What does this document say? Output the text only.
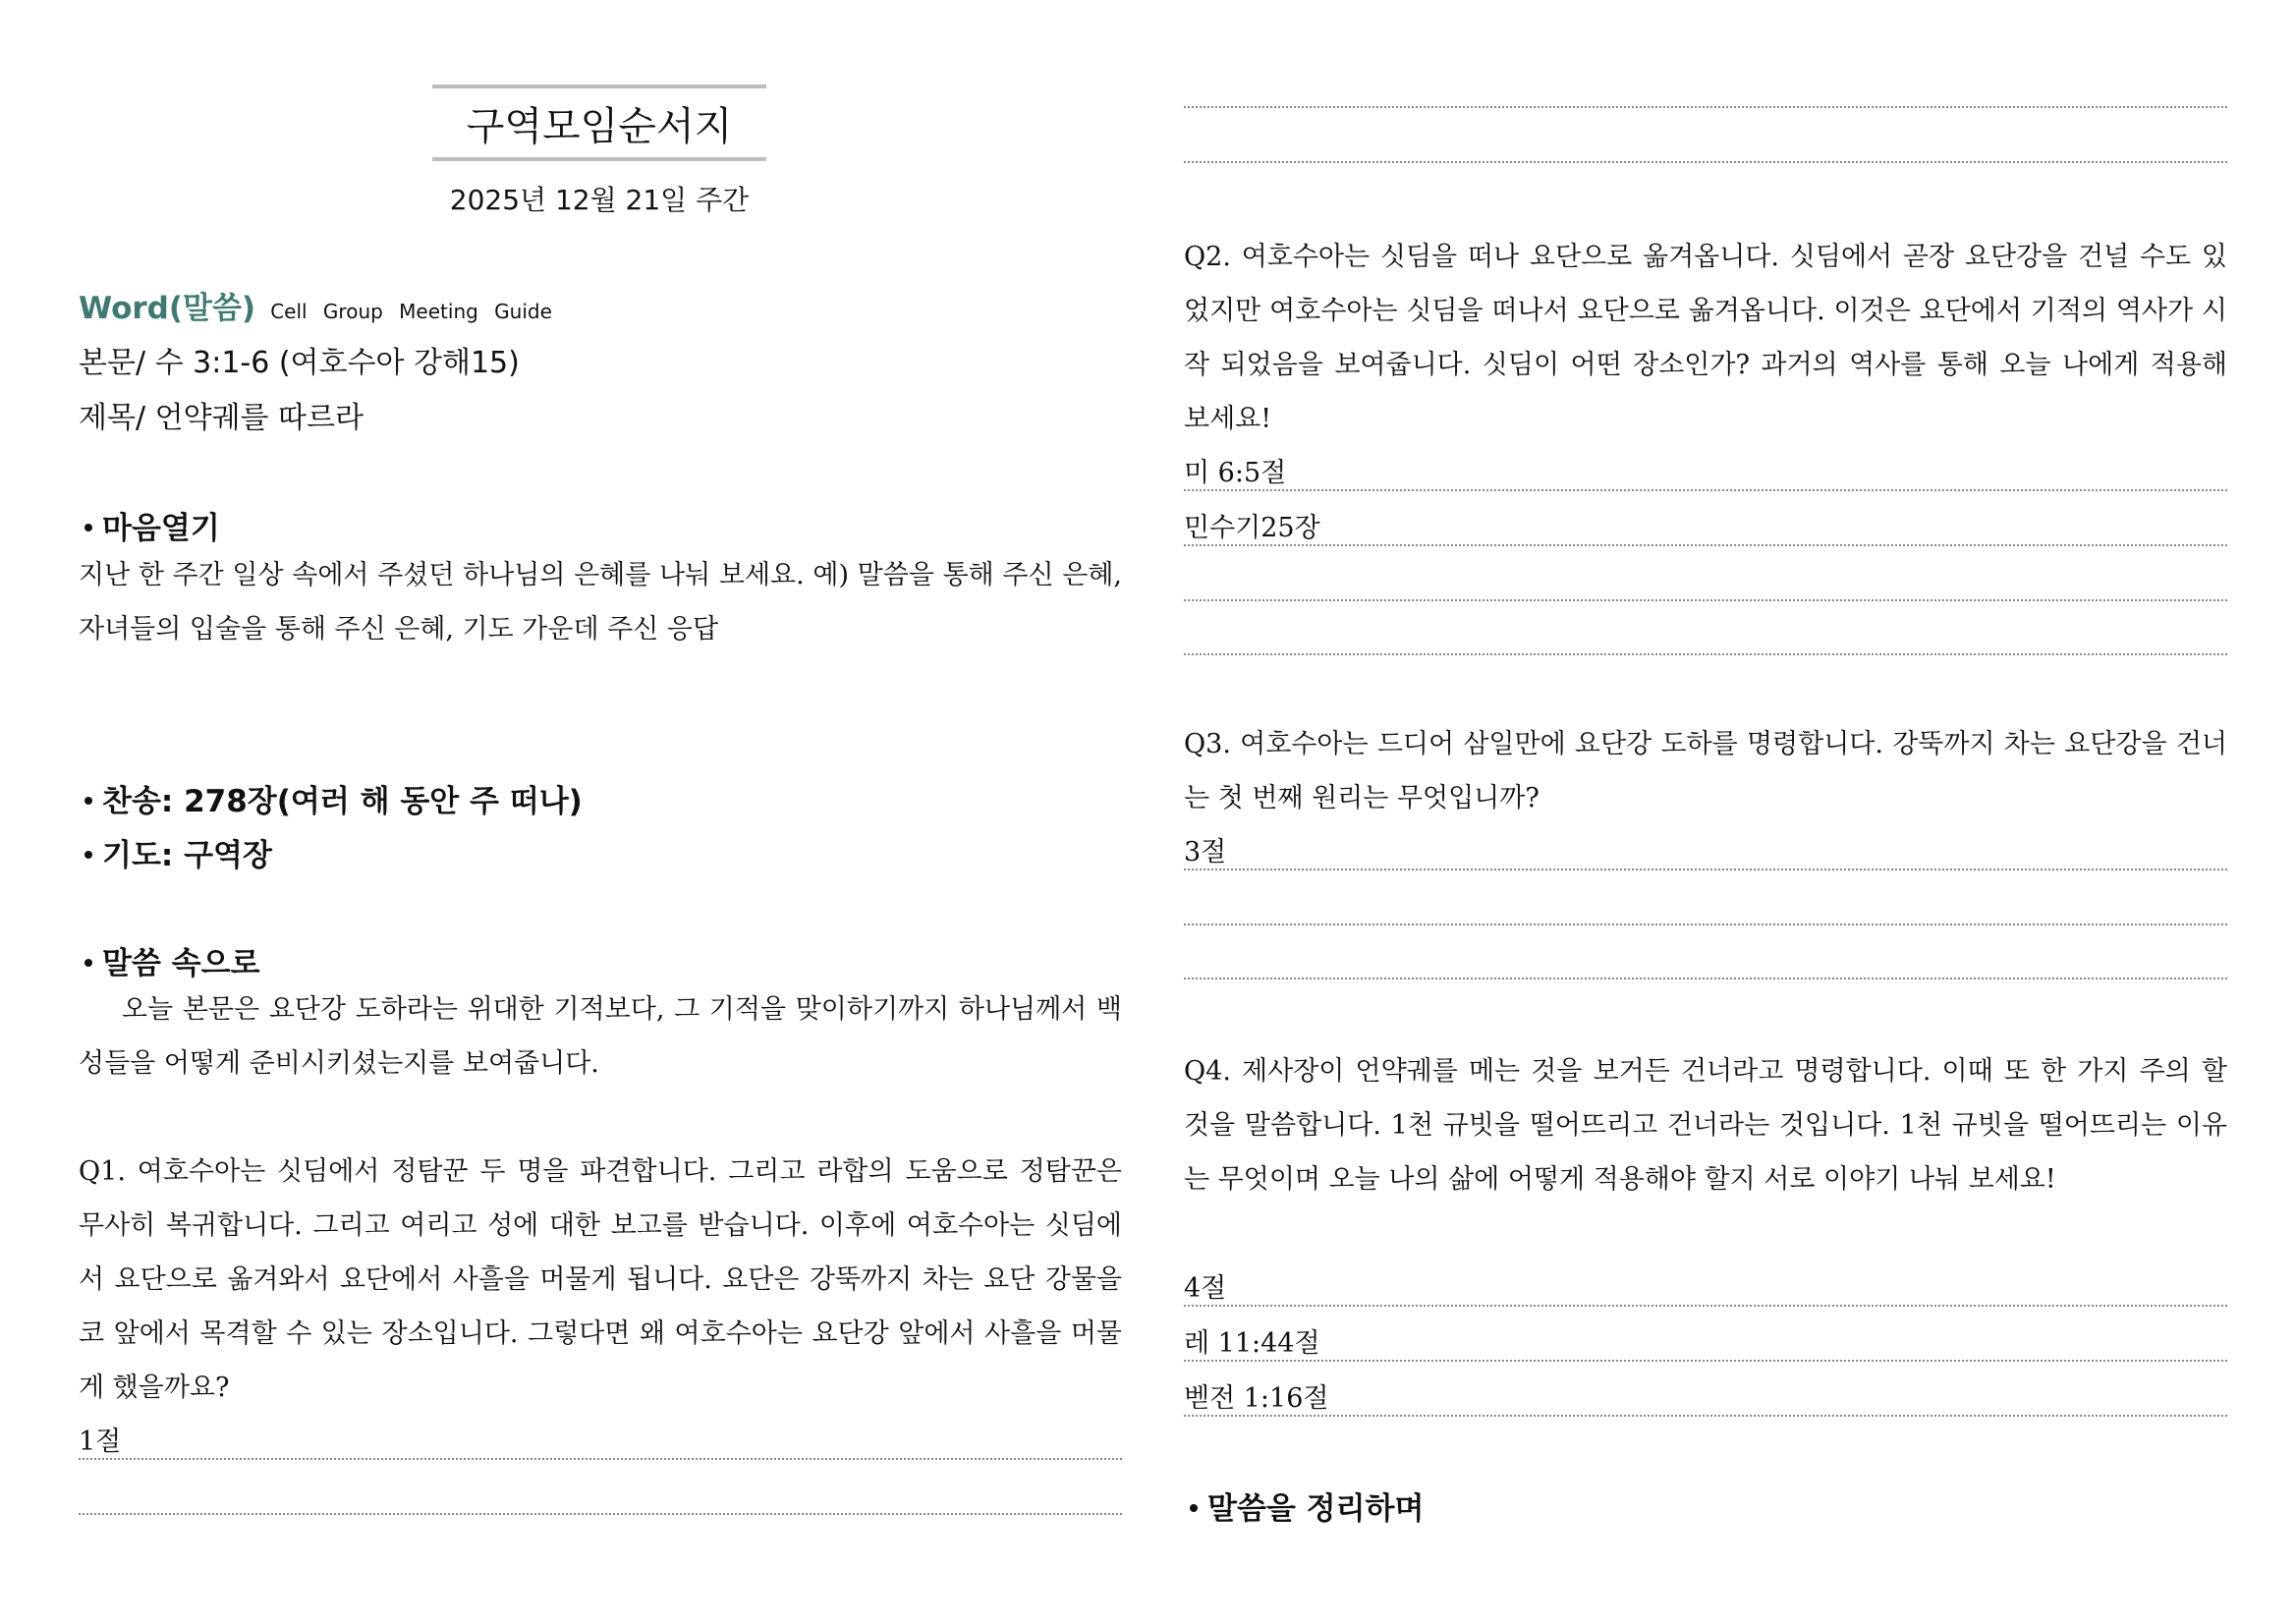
구역모임순서지
2025년 12월 21일 주간
Word(말씀) Cell Group Meeting Guide
본문/ 수 3:1-6 (여호수아 강해15)
제목/ 언약궤를 따르라
마음열기
지난 한 주간 일상 속에서 주셨던 하나님의 은혜를 나눠 보세요. 예) 말씀을 통해 주신 은혜, 자녀들의 입술을 통해 주신 은혜, 기도 가운데 주신 응답
찬송: 278장(여러 해 동안 주 떠나)
기도: 구역장
말씀 속으로
오늘 본문은 요단강 도하라는 위대한 기적보다, 그 기적을 맞이하기까지 하나님께서 백성들을 어떻게 준비시키셨는지를 보여줍니다.
Q1. 여호수아는 싯딤에서 정탐꾼 두 명을 파견합니다. 그리고 라합의 도움으로 정탐꾼은 무사히 복귀합니다. 그리고 여리고 성에 대한 보고를 받습니다. 이후에 여호수아는 싯딤에서 요단으로 옮겨와서 요단에서 사흘을 머물게 됩니다. 요단은 강뚝까지 차는 요단 강물을 코 앞에서 목격할 수 있는 장소입니다. 그렇다면 왜 여호수아는 요단강 앞에서 사흘을 머물게 했을까요?
1절
Q2. 여호수아는 싯딤을 떠나 요단으로 옮겨옵니다. 싯딤에서 곧장 요단강을 건널 수도 있었지만 여호수아는 싯딤을 떠나서 요단으로 옮겨옵니다. 이것은 요단에서 기적의 역사가 시작 되었음을 보여줍니다. 싯딤이 어떤 장소인가? 과거의 역사를 통해 오늘 나에게 적용해 보세요!
미 6:5절
민수기25장
Q3. 여호수아는 드디어 삼일만에 요단강 도하를 명령합니다. 강뚝까지 차는 요단강을 건너는 첫 번째 원리는 무엇입니까?
3절
Q4. 제사장이 언약궤를 메는 것을 보거든 건너라고 명령합니다. 이때 또 한 가지 주의 할 것을 말씀합니다. 1천 규빗을 떨어뜨리고 건너라는 것입니다. 1천 규빗을 떨어뜨리는 이유는 무엇이며 오늘 나의 삶에 어떻게 적용해야 할지 서로 이야기 나눠 보세요!
4절
레 11:44절
벧전 1:16절
말씀을 정리하며
